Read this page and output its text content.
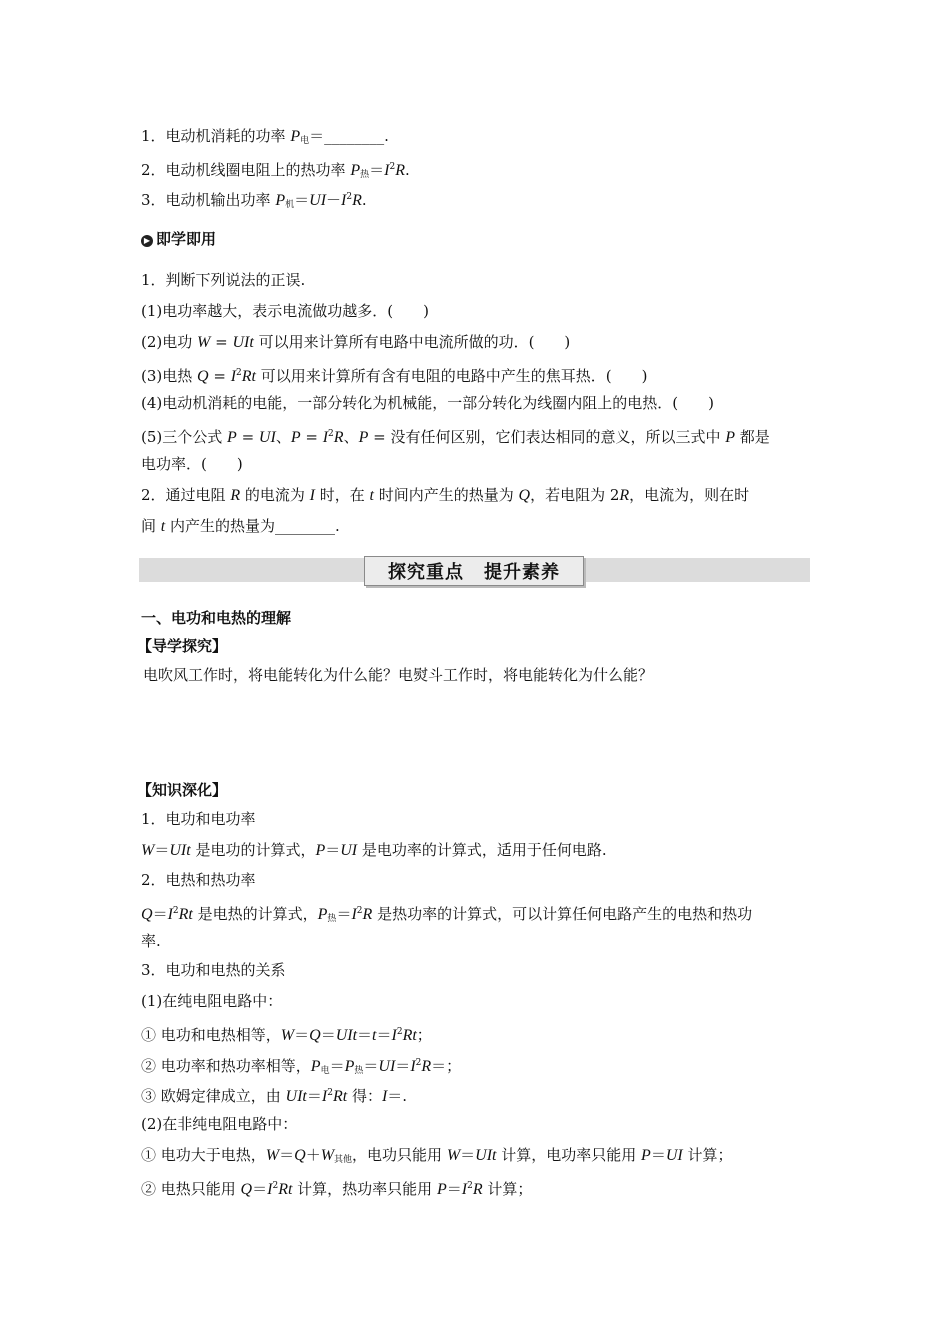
1．电动机消耗的功率 $P_电=\_\_\_\_\_\_\_\_$.
2．电动机线圈电阻上的热功率 $P_热=I^2R$.
3．电动机输出功率 $P_机=UI-I^2R$.
▶ 即学即用
1．判断下列说法的正误.
(1)电功率越大，表示电流做功越多．(　　)
(2)电功 W = UIt 可以用来计算所有电路中电流所做的功．(　　)
(3)电热 $Q = I^2Rt$ 可以用来计算所有含有电阻的电路中产生的焦耳热．(　　)
(4)电动机消耗的电能，一部分转化为机械能，一部分转化为线圈内阻上的电热．(　　)
(5)三个公式 P = UI、$P = I^2R$、P = 没有任何区别，它们表达相同的意义，所以三式中 P 都是
电功率．(　　)
2．通过电阻 R 的电流为 I 时，在 t 时间内产生的热量为 Q，若电阻为 2R，电流为，则在时
间 t 内产生的热量为________.
探究重点 提升素养
一、电功和电热的理解
【导学探究】
电吹风工作时，将电能转化为什么能？电熨斗工作时，将电能转化为什么能？
【知识深化】
1．电功和电功率
W＝UIt 是电功的计算式，P＝UI 是电功率的计算式，适用于任何电路.
2．电热和热功率
$Q=I^2Rt$ 是电热的计算式，$P_热=I^2R$ 是热功率的计算式，可以计算任何电路产生的电热和热功
率.
3．电功和电热的关系
(1)在纯电阻电路中：
① 电功和电热相等，$W=Q=UIt=t=I^2Rt$；
② 电功率和热功率相等，$P_电=P_热=UI=I^2R=$；
③ 欧姆定律成立，由 $UIt=I^2Rt$ 得：I＝.
(2)在非纯电阻电路中：
① 电功大于电热，$W=Q+W_{其他}$，电功只能用 W＝UIt 计算，电功率只能用 P＝UI 计算；
② 电热只能用 $Q=I^2Rt$ 计算，热功率只能用 $P=I^2R$ 计算；
